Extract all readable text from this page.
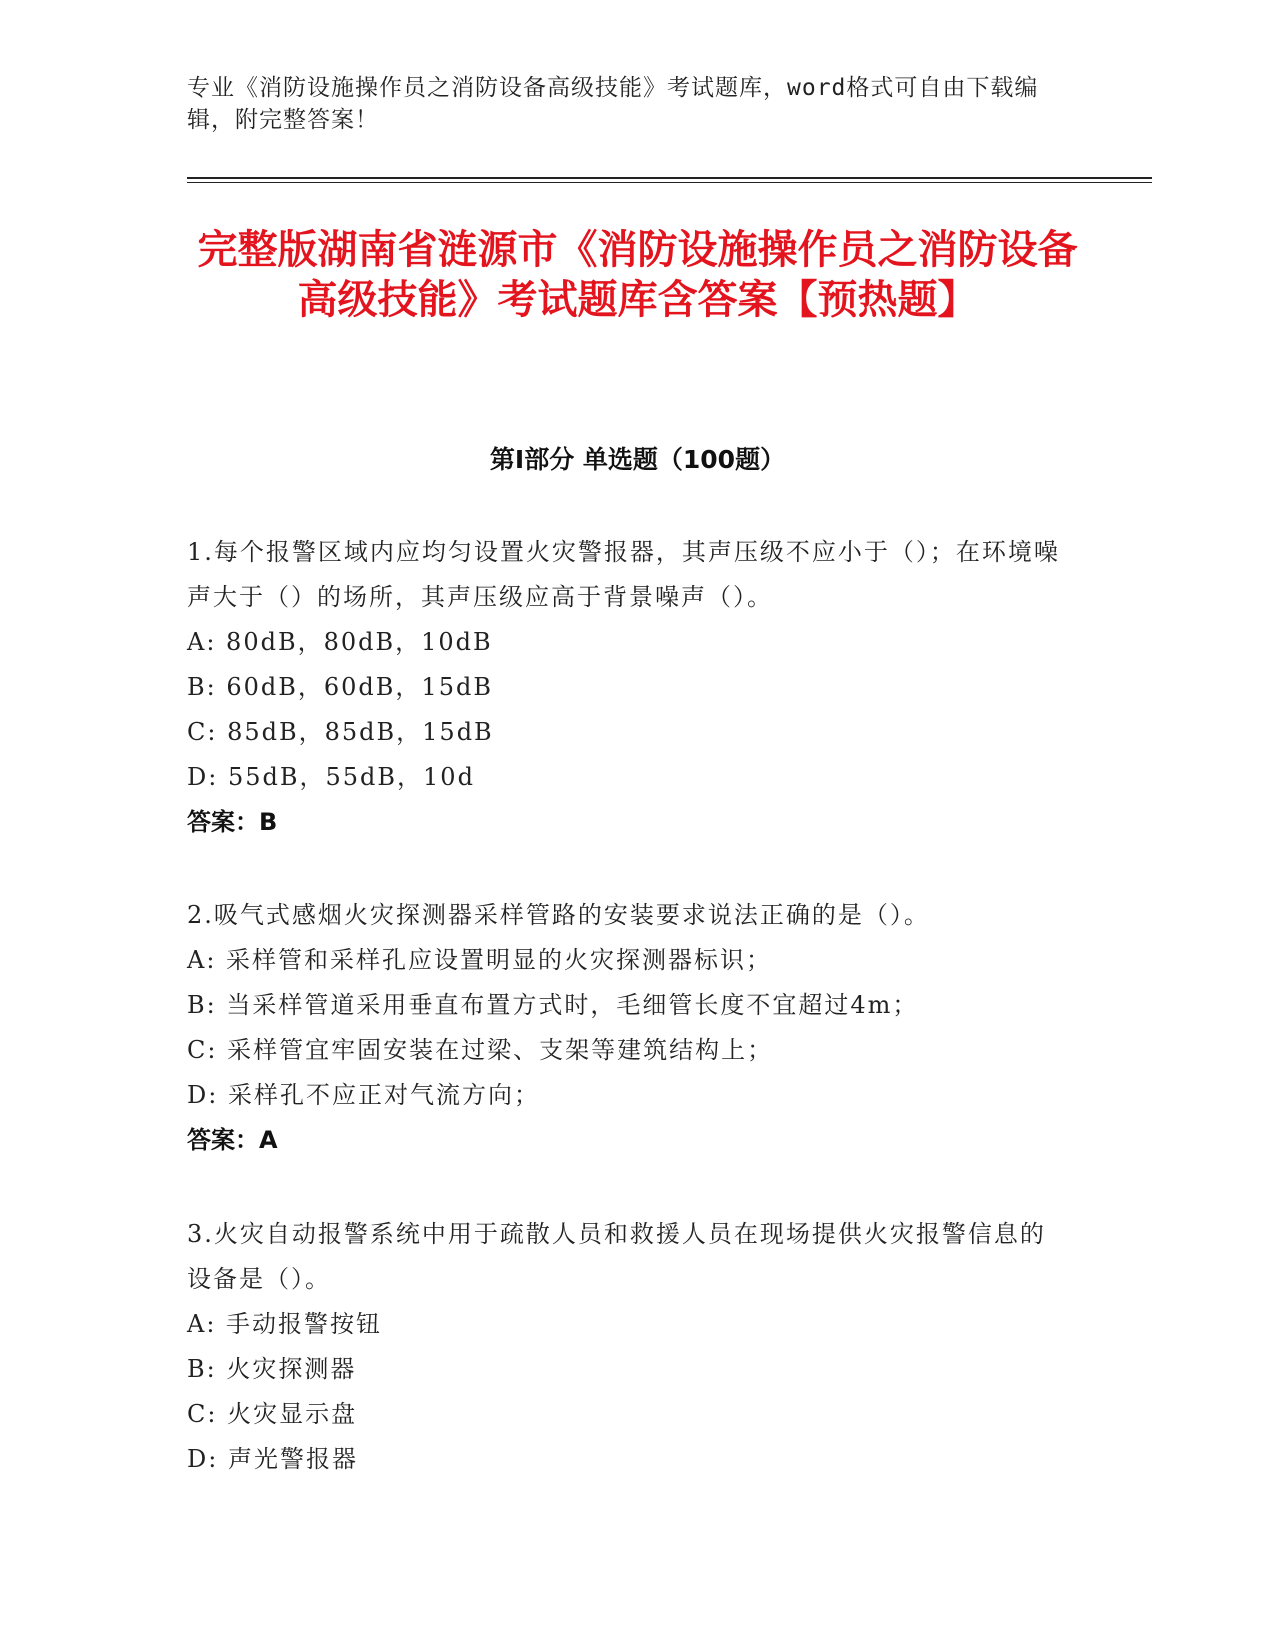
专业《消防设施操作员之消防设备高级技能》考试题库，word格式可自由下载编辑，附完整答案！
完整版湖南省涟源市《消防设施操作员之消防设备高级技能》考试题库含答案【预热题】
第Ⅰ部分 单选题（100题）
1.每个报警区域内应均匀设置火灾警报器，其声压级不应小于（）；在环境噪声大于（）的场所，其声压级应高于背景噪声（）。
A: 80dB，80dB，10dB
B: 60dB，60dB，15dB
C: 85dB，85dB，15dB
D: 55dB，55dB，10d
答案：B
2.吸气式感烟火灾探测器采样管路的安装要求说法正确的是（）。
A: 采样管和采样孔应设置明显的火灾探测器标识；
B: 当采样管道采用垂直布置方式时，毛细管长度不宜超过4m；
C: 采样管宜牢固安装在过梁、支架等建筑结构上；
D: 采样孔不应正对气流方向；
答案：A
3.火灾自动报警系统中用于疏散人员和救援人员在现场提供火灾报警信息的设备是（）。
A: 手动报警按钮
B: 火灾探测器
C: 火灾显示盘
D: 声光警报器
